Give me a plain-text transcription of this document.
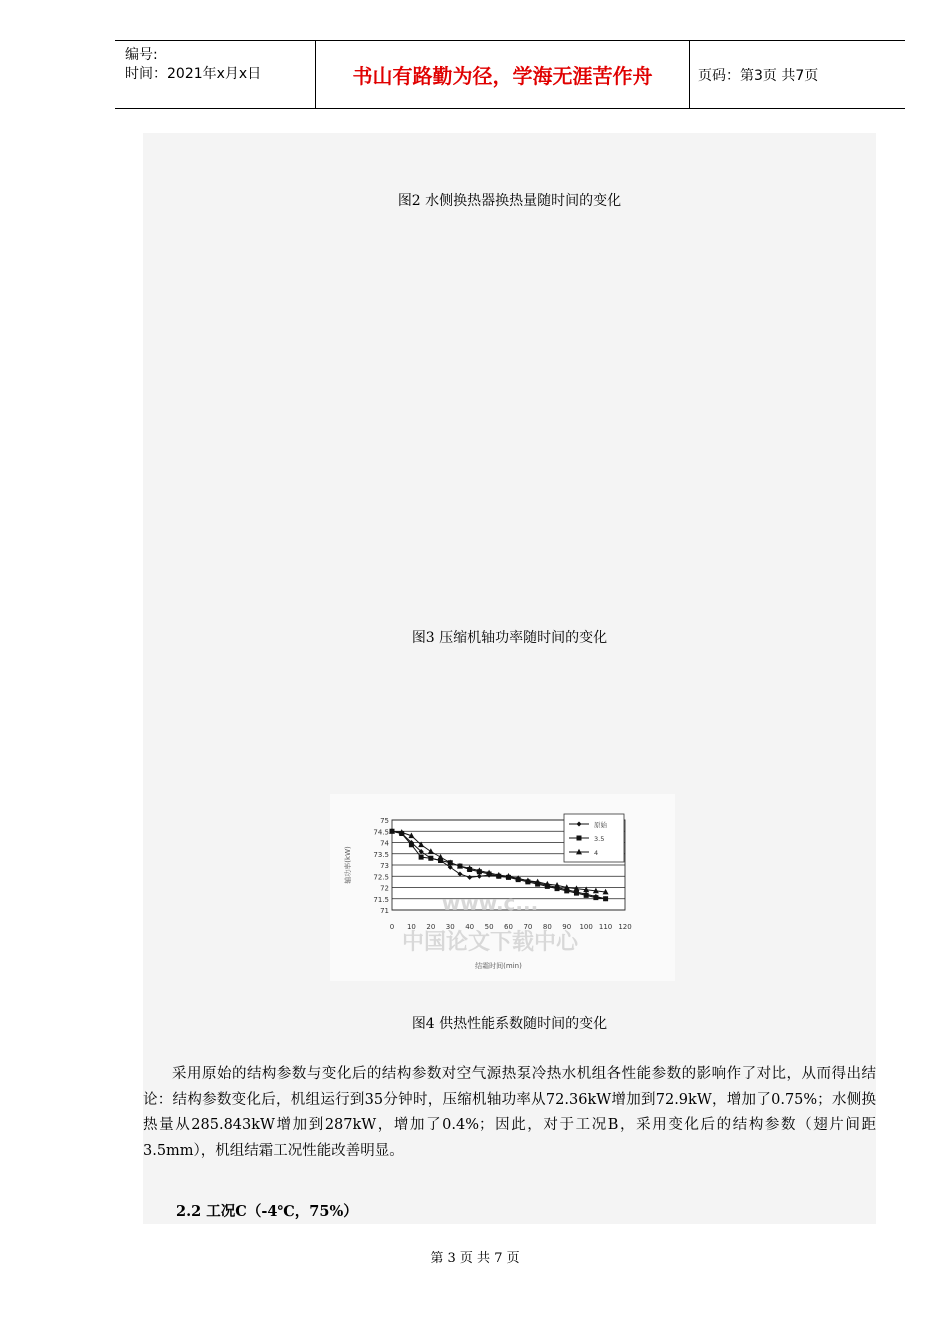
编号:
时间：2021年x月x日	书山有路勤为径，学海无涯苦作舟	页码：第3页 共7页
图2 水侧换热器换热量随时间的变化
图3 压缩机轴功率随时间的变化
71
71.5
72
72.5
73
73.5
74
74.5
75
0 10 20 30 40 50 60 70 80 90 100 110 120
轴功率(kW)
结霜时间(min)
原始
3.5
4
www.c...
中国论文下载中心
图4 供热性能系数随时间的变化

采用原始的结构参数与变化后的结构参数对空气源热泵冷热水机组各性能参数的影响作了对比，从而得出结论：结构参数变化后，机组运行到35分钟时，压缩机轴功率从72.36kW增加到72.9kW，增加了0.75%；水侧换热量从285.843kW增加到287kW，增加了0.4%；因此，对于工况B，采用变化后的结构参数（翅片间距3.5mm），机组结霜工况性能改善明显。

2.2 工况C（-4℃，75%）
第 3 页 共 7 页
